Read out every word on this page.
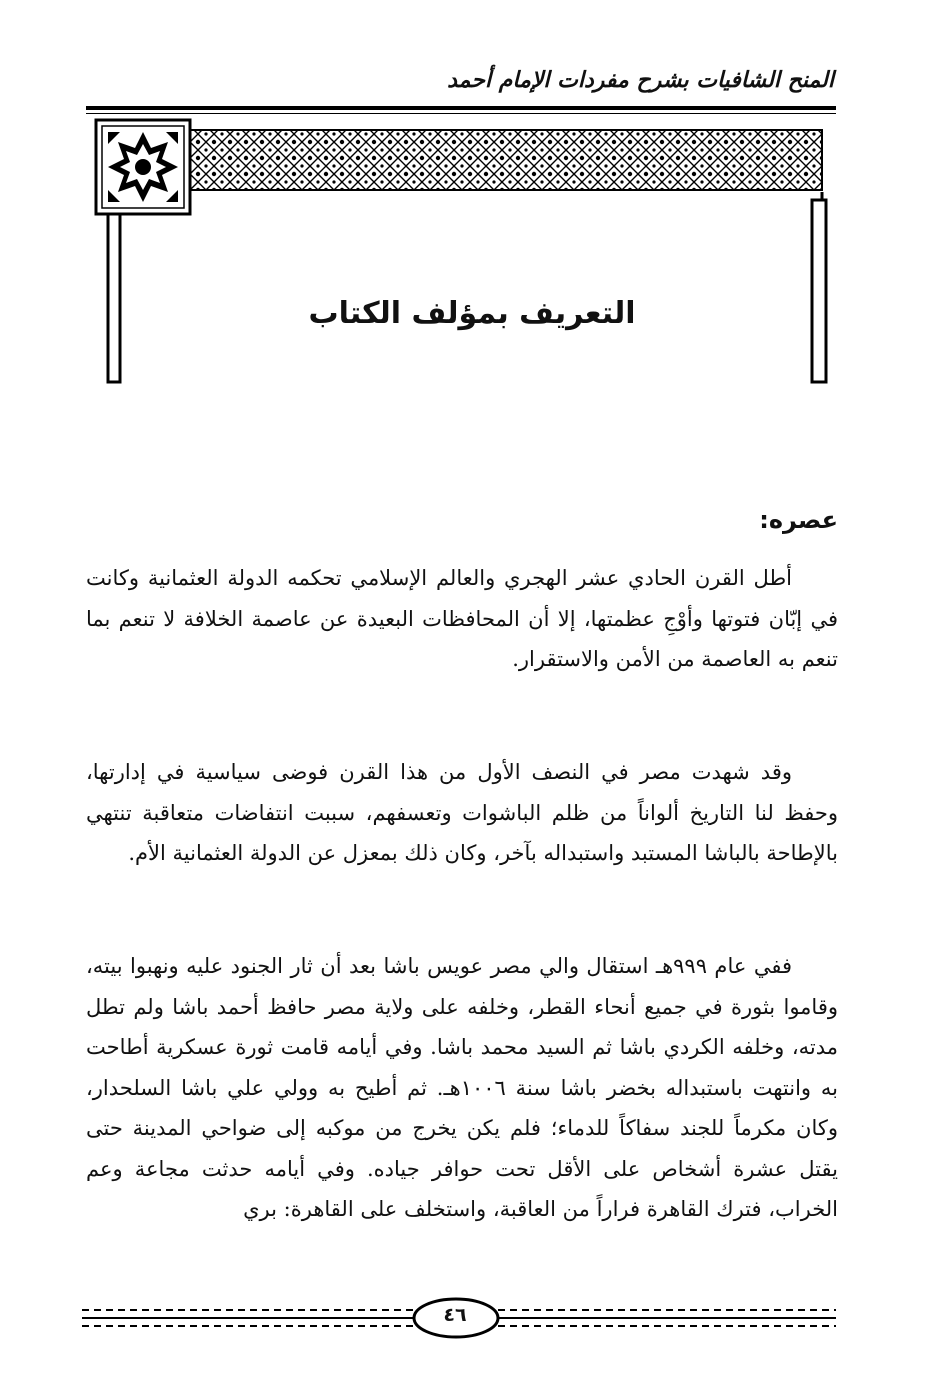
المنح الشافيات بشرح مفردات الإمام أحمد
التعريف بمؤلف الكتاب
عصره:

أطل القرن الحادي عشر الهجري والعالم الإسلامي تحكمه الدولة العثمانية وكانت في إبّان فتوتها وأوْجِ عظمتها، إلا أن المحافظات البعيدة عن عاصمة الخلافة لا تنعم بما تنعم به العاصمة من الأمن والاستقرار.

وقد شهدت مصر في النصف الأول من هذا القرن فوضى سياسية في إدارتها، وحفظ لنا التاريخ ألواناً من ظلم الباشوات وتعسفهم، سببت انتفاضات متعاقبة تنتهي بالإطاحة بالباشا المستبد واستبداله بآخر، وكان ذلك بمعزل عن الدولة العثمانية الأم.

ففي عام ٩٩٩هـ استقال والي مصر عويس باشا بعد أن ثار الجنود عليه ونهبوا بيته، وقاموا بثورة في جميع أنحاء القطر، وخلفه على ولاية مصر حافظ أحمد باشا ولم تطل مدته، وخلفه الكردي باشا ثم السيد محمد باشا. وفي أيامه قامت ثورة عسكرية أطاحت به وانتهت باستبداله بخضر باشا سنة ١٠٠٦هـ. ثم أطيح به وولي علي باشا السلحدار، وكان مكرماً للجند سفاكاً للدماء؛ فلم يكن يخرج من موكبه إلى ضواحي المدينة حتى يقتل عشرة أشخاص على الأقل تحت حوافر جياده. وفي أيامه حدثت مجاعة وعم الخراب، فترك القاهرة فراراً من العاقبة، واستخلف على القاهرة: بري

٤٦
